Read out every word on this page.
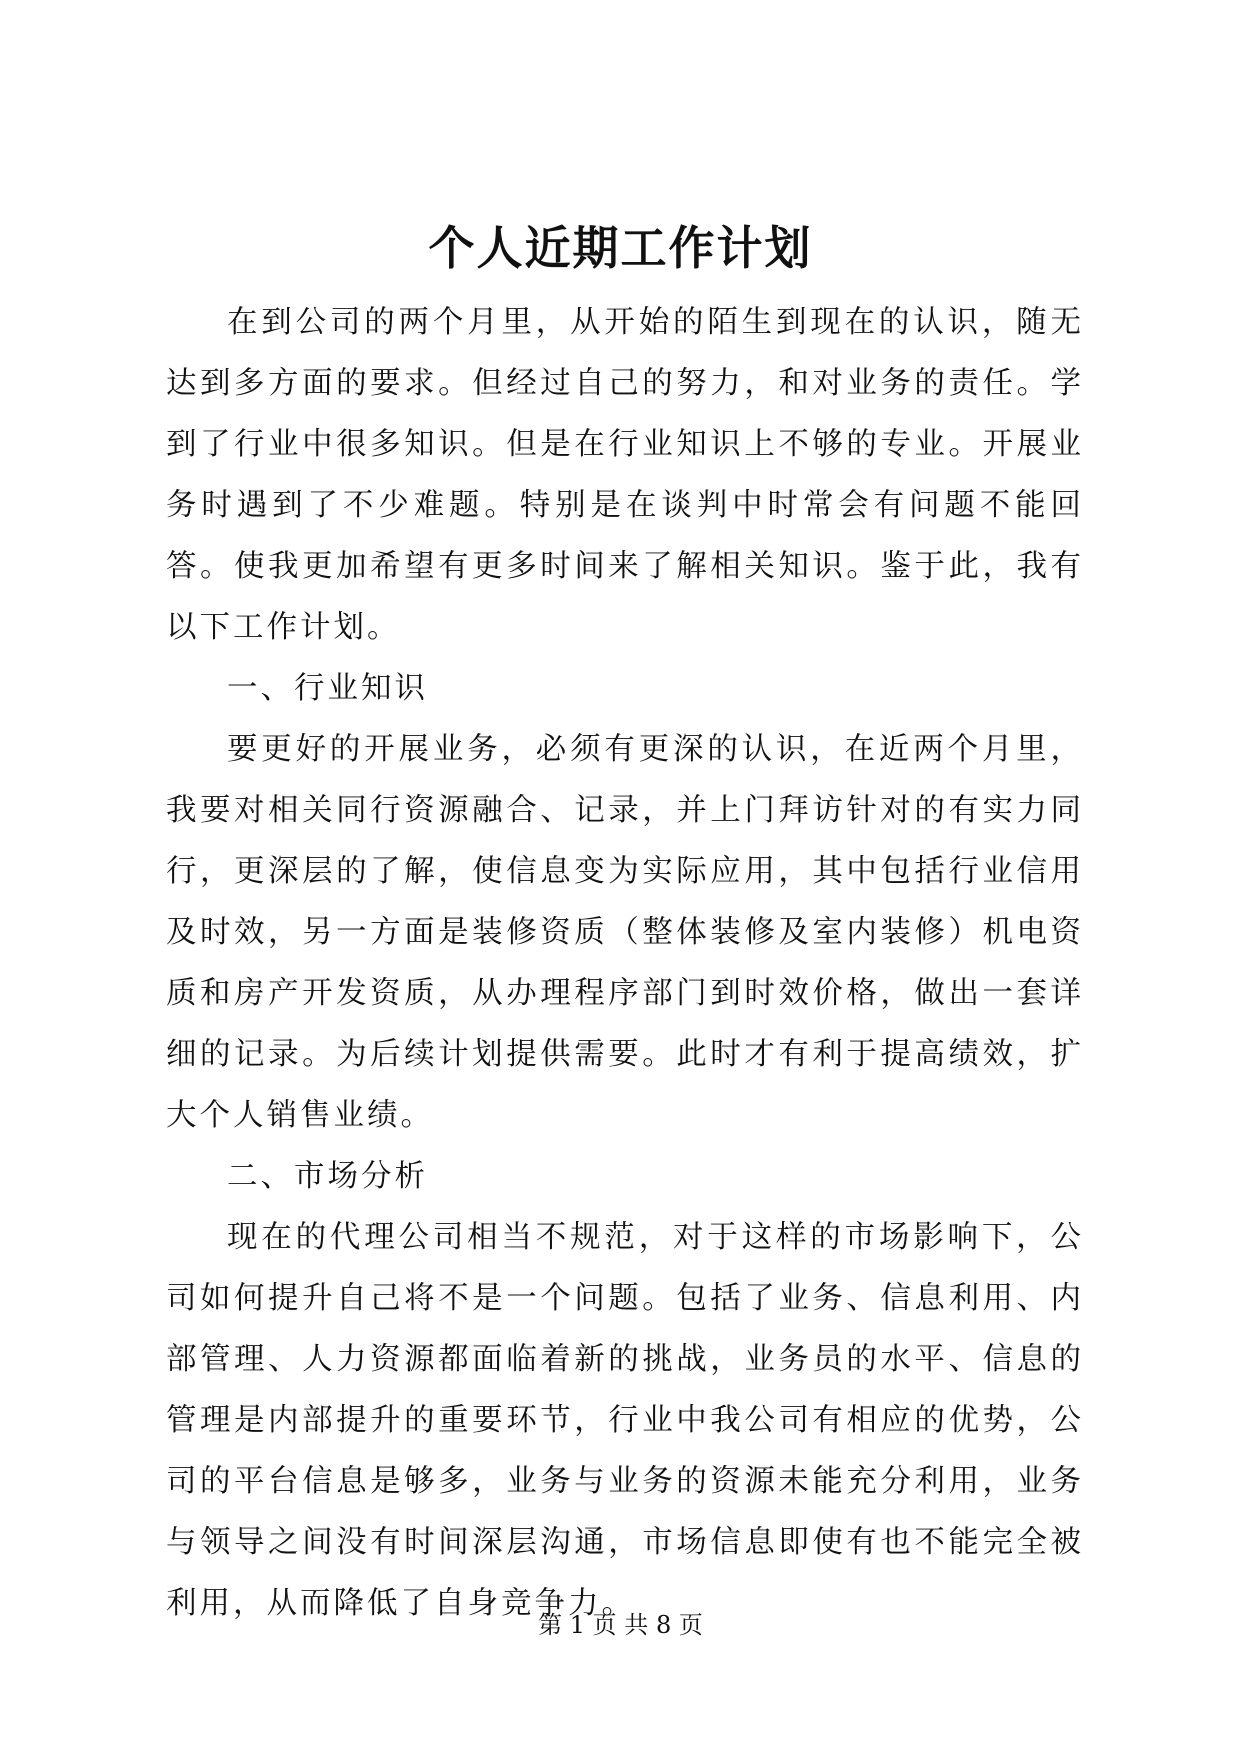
个人近期工作计划

在到公司的两个月里，从开始的陌生到现在的认识，随无达到多方面的要求。但经过自己的努力，和对业务的责任。学到了行业中很多知识。但是在行业知识上不够的专业。开展业务时遇到了不少难题。特别是在谈判中时常会有问题不能回答。使我更加希望有更多时间来了解相关知识。鉴于此，我有以下工作计划。

一、行业知识

要更好的开展业务，必须有更深的认识，在近两个月里，我要对相关同行资源融合、记录，并上门拜访针对的有实力同行，更深层的了解，使信息变为实际应用，其中包括行业信用及时效，另一方面是装修资质（整体装修及室内装修）机电资质和房产开发资质，从办理程序部门到时效价格，做出一套详细的记录。为后续计划提供需要。此时才有利于提高绩效，扩大个人销售业绩。

二、市场分析

现在的代理公司相当不规范，对于这样的市场影响下，公司如何提升自己将不是一个问题。包括了业务、信息利用、内部管理、人力资源都面临着新的挑战，业务员的水平、信息的管理是内部提升的重要环节，行业中我公司有相应的优势，公司的平台信息是够多，业务与业务的资源未能充分利用，业务与领导之间没有时间深层沟通，市场信息即使有也不能完全被利用，从而降低了自身竞争力。

第 1 页 共 8 页
